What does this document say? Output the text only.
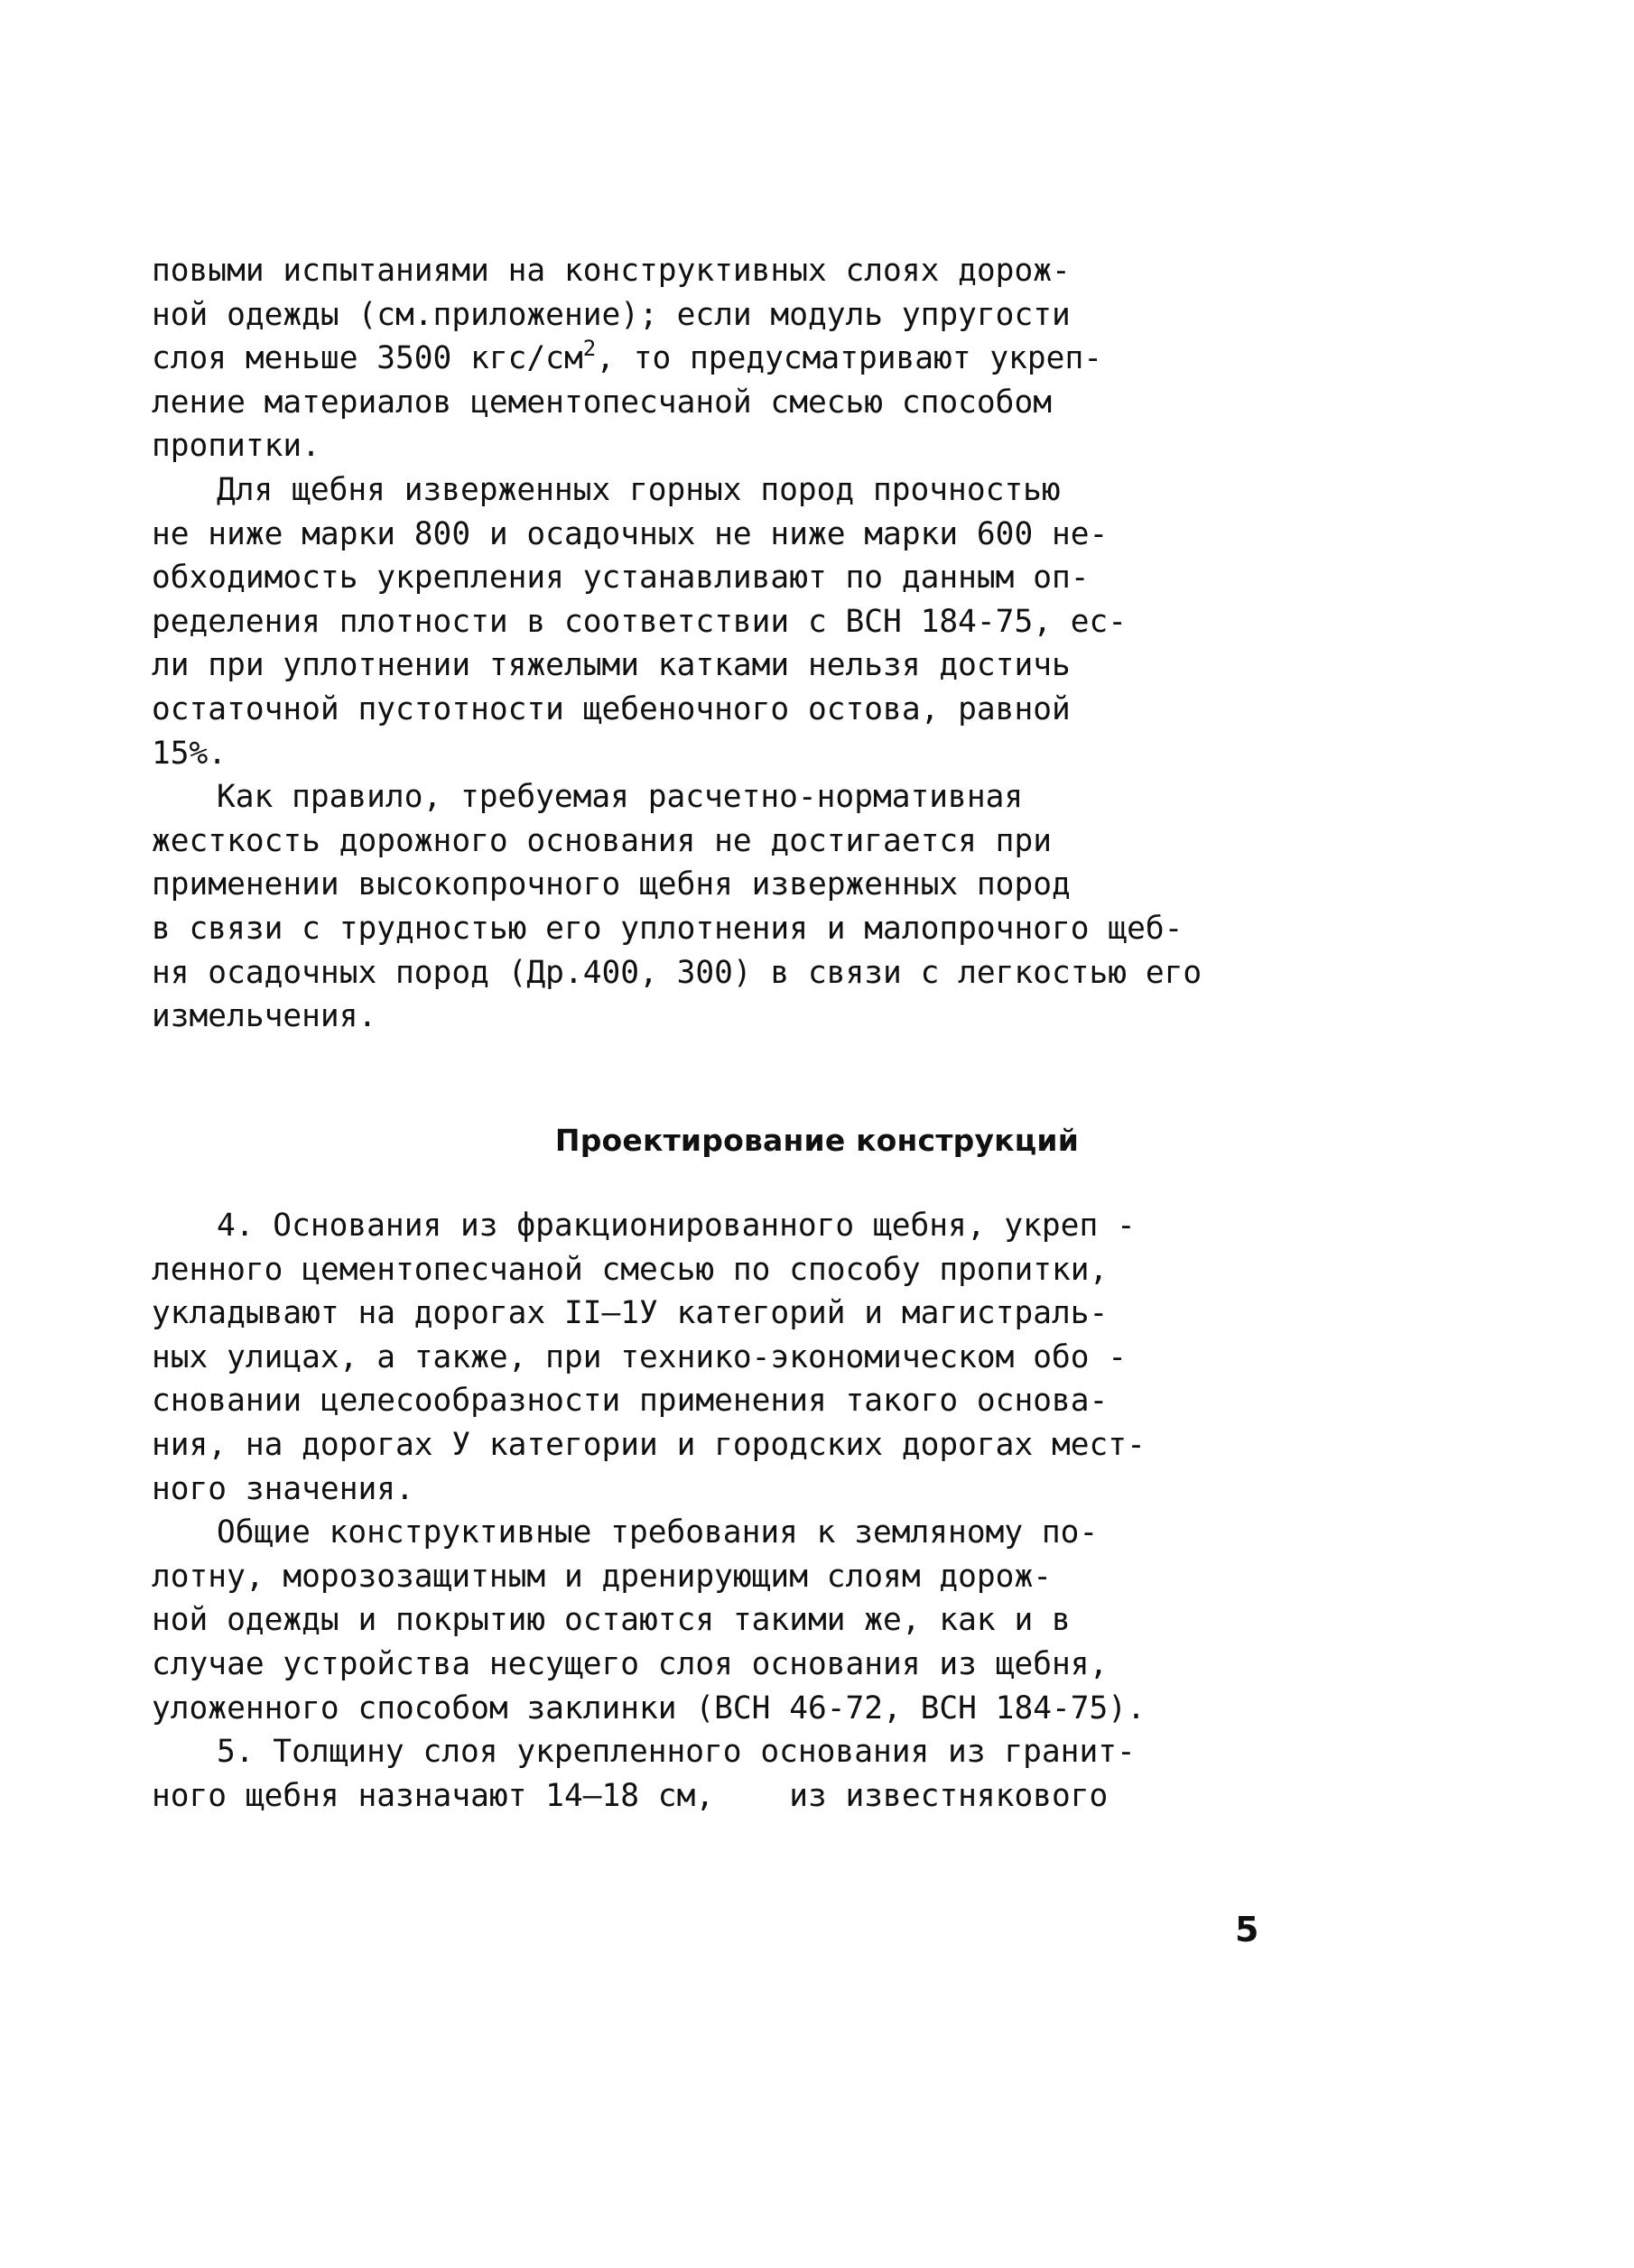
повыми испытаниями на конструктивных слоях дорож-
ной одежды (см.приложение); если модуль упругости
слоя меньше 3500 кгс/$см^2$, то предусматривают укреп-
ление материалов цементопесчаной смесью способом
пропитки.
Для щебня изверженных горных пород прочностью
не ниже марки 800 и осадочных не ниже марки 600 не-
обходимость укрепления устанавливают по данным оп-
ределения плотности в соответствии с ВСН 184-75, ес-
ли при уплотнении тяжелыми катками нельзя достичь
остаточной пустотности щебеночного остова, равной
15%.
Как правило, требуемая расчетно-нормативная
жесткость дорожного основания не достигается при
применении высокопрочного щебня изверженных пород
в связи с трудностью его уплотнения и малопрочного щеб-
ня осадочных пород (Др.400, 300) в связи с легкостью его
измельчения.
Проектирование конструкций
4. Основания из фракционированного щебня, укреп -
ленного цементопесчаной смесью по способу пропитки,
укладывают на дорогах II–1У категорий и магистраль-
ных улицах, а также, при технико-экономическом обо -
сновании целесообразности применения такого основа-
ния, на дорогах У категории и городских дорогах мест-
ного значения.
Общие конструктивные требования к земляному по-
лотну, морозозащитным и дренирующим слоям дорож-
ной одежды и покрытию остаются такими же, как и в
случае устройства несущего слоя основания из щебня,
уложенного способом заклинки (ВСН 46-72, ВСН 184-75).
5. Толщину слоя укрепленного основания из гранит-
ного щебня назначают 14–18 см,    из известнякового
5
